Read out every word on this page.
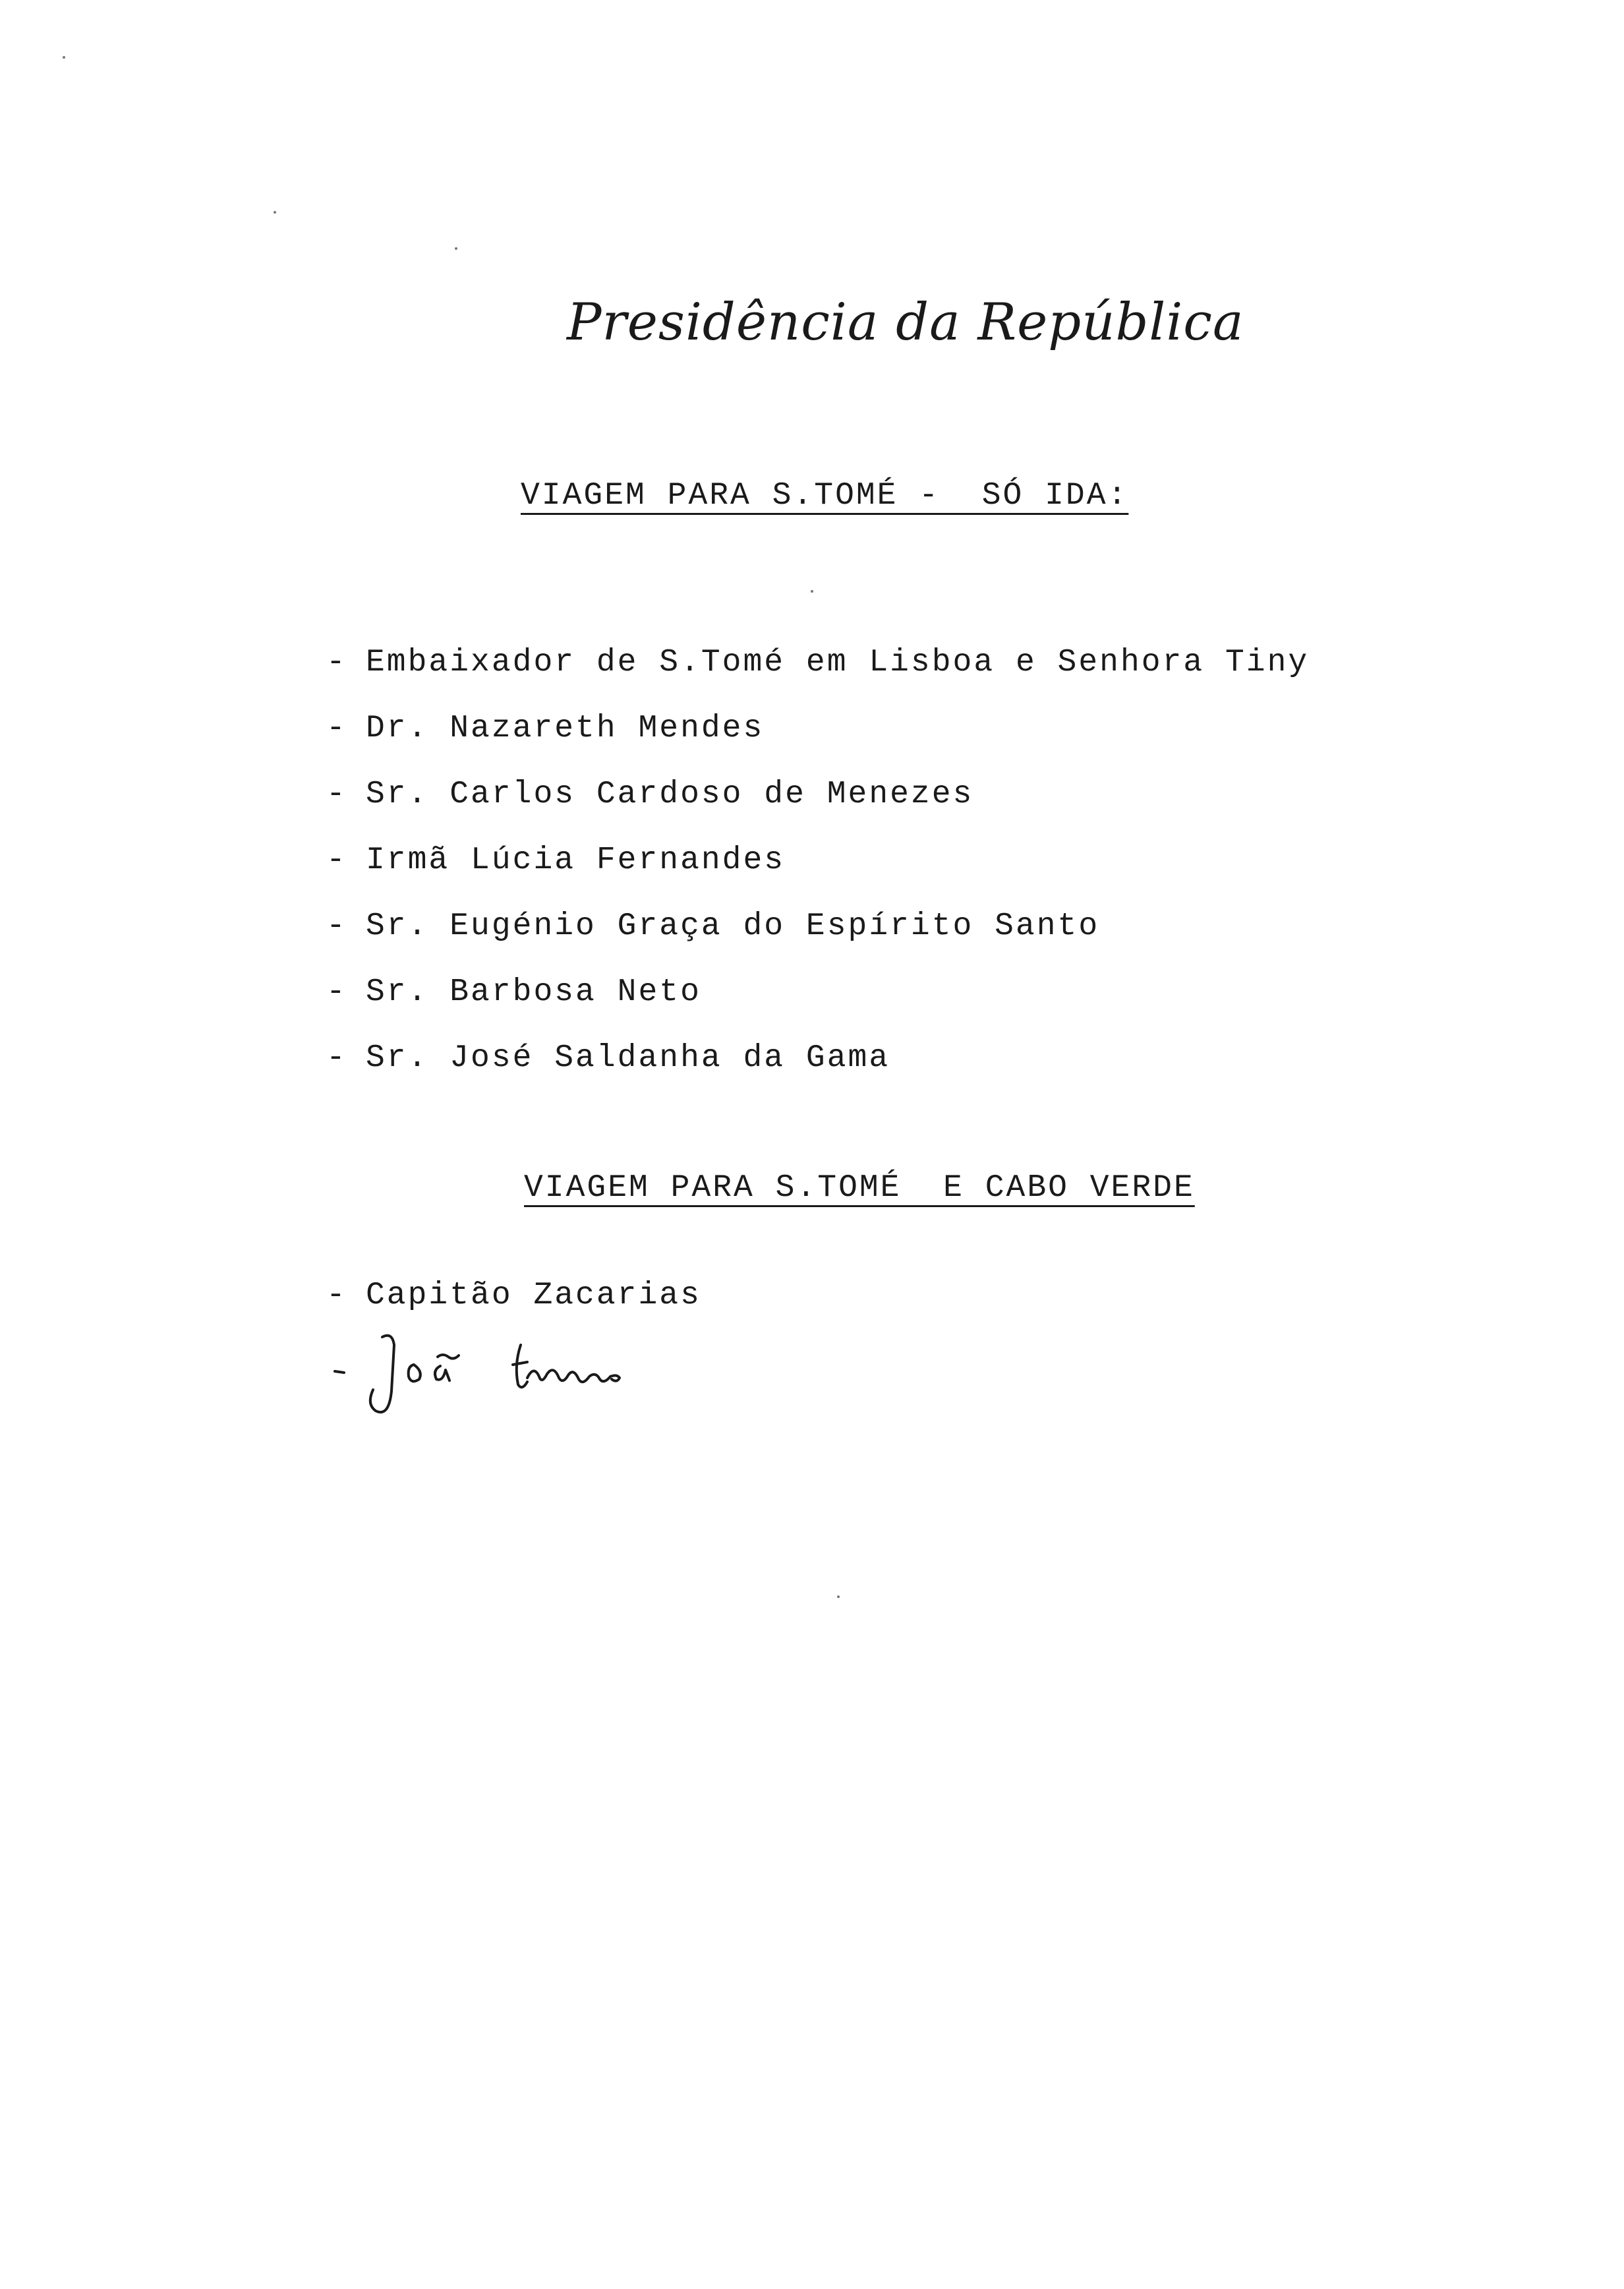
Presidência da República
VIAGEM PARA S.TOMÉ -  SÓ IDA:
- Embaixador de S.Tomé em Lisboa e Senhora Tiny
- Dr. Nazareth Mendes
- Sr. Carlos Cardoso de Menezes
- Irmã Lúcia Fernandes
- Sr. Eugénio Graça do Espírito Santo
- Sr. Barbosa Neto
- Sr. José Saldanha da Gama
VIAGEM PARA S.TOMÉ  E CABO VERDE
- Capitão Zacarias
